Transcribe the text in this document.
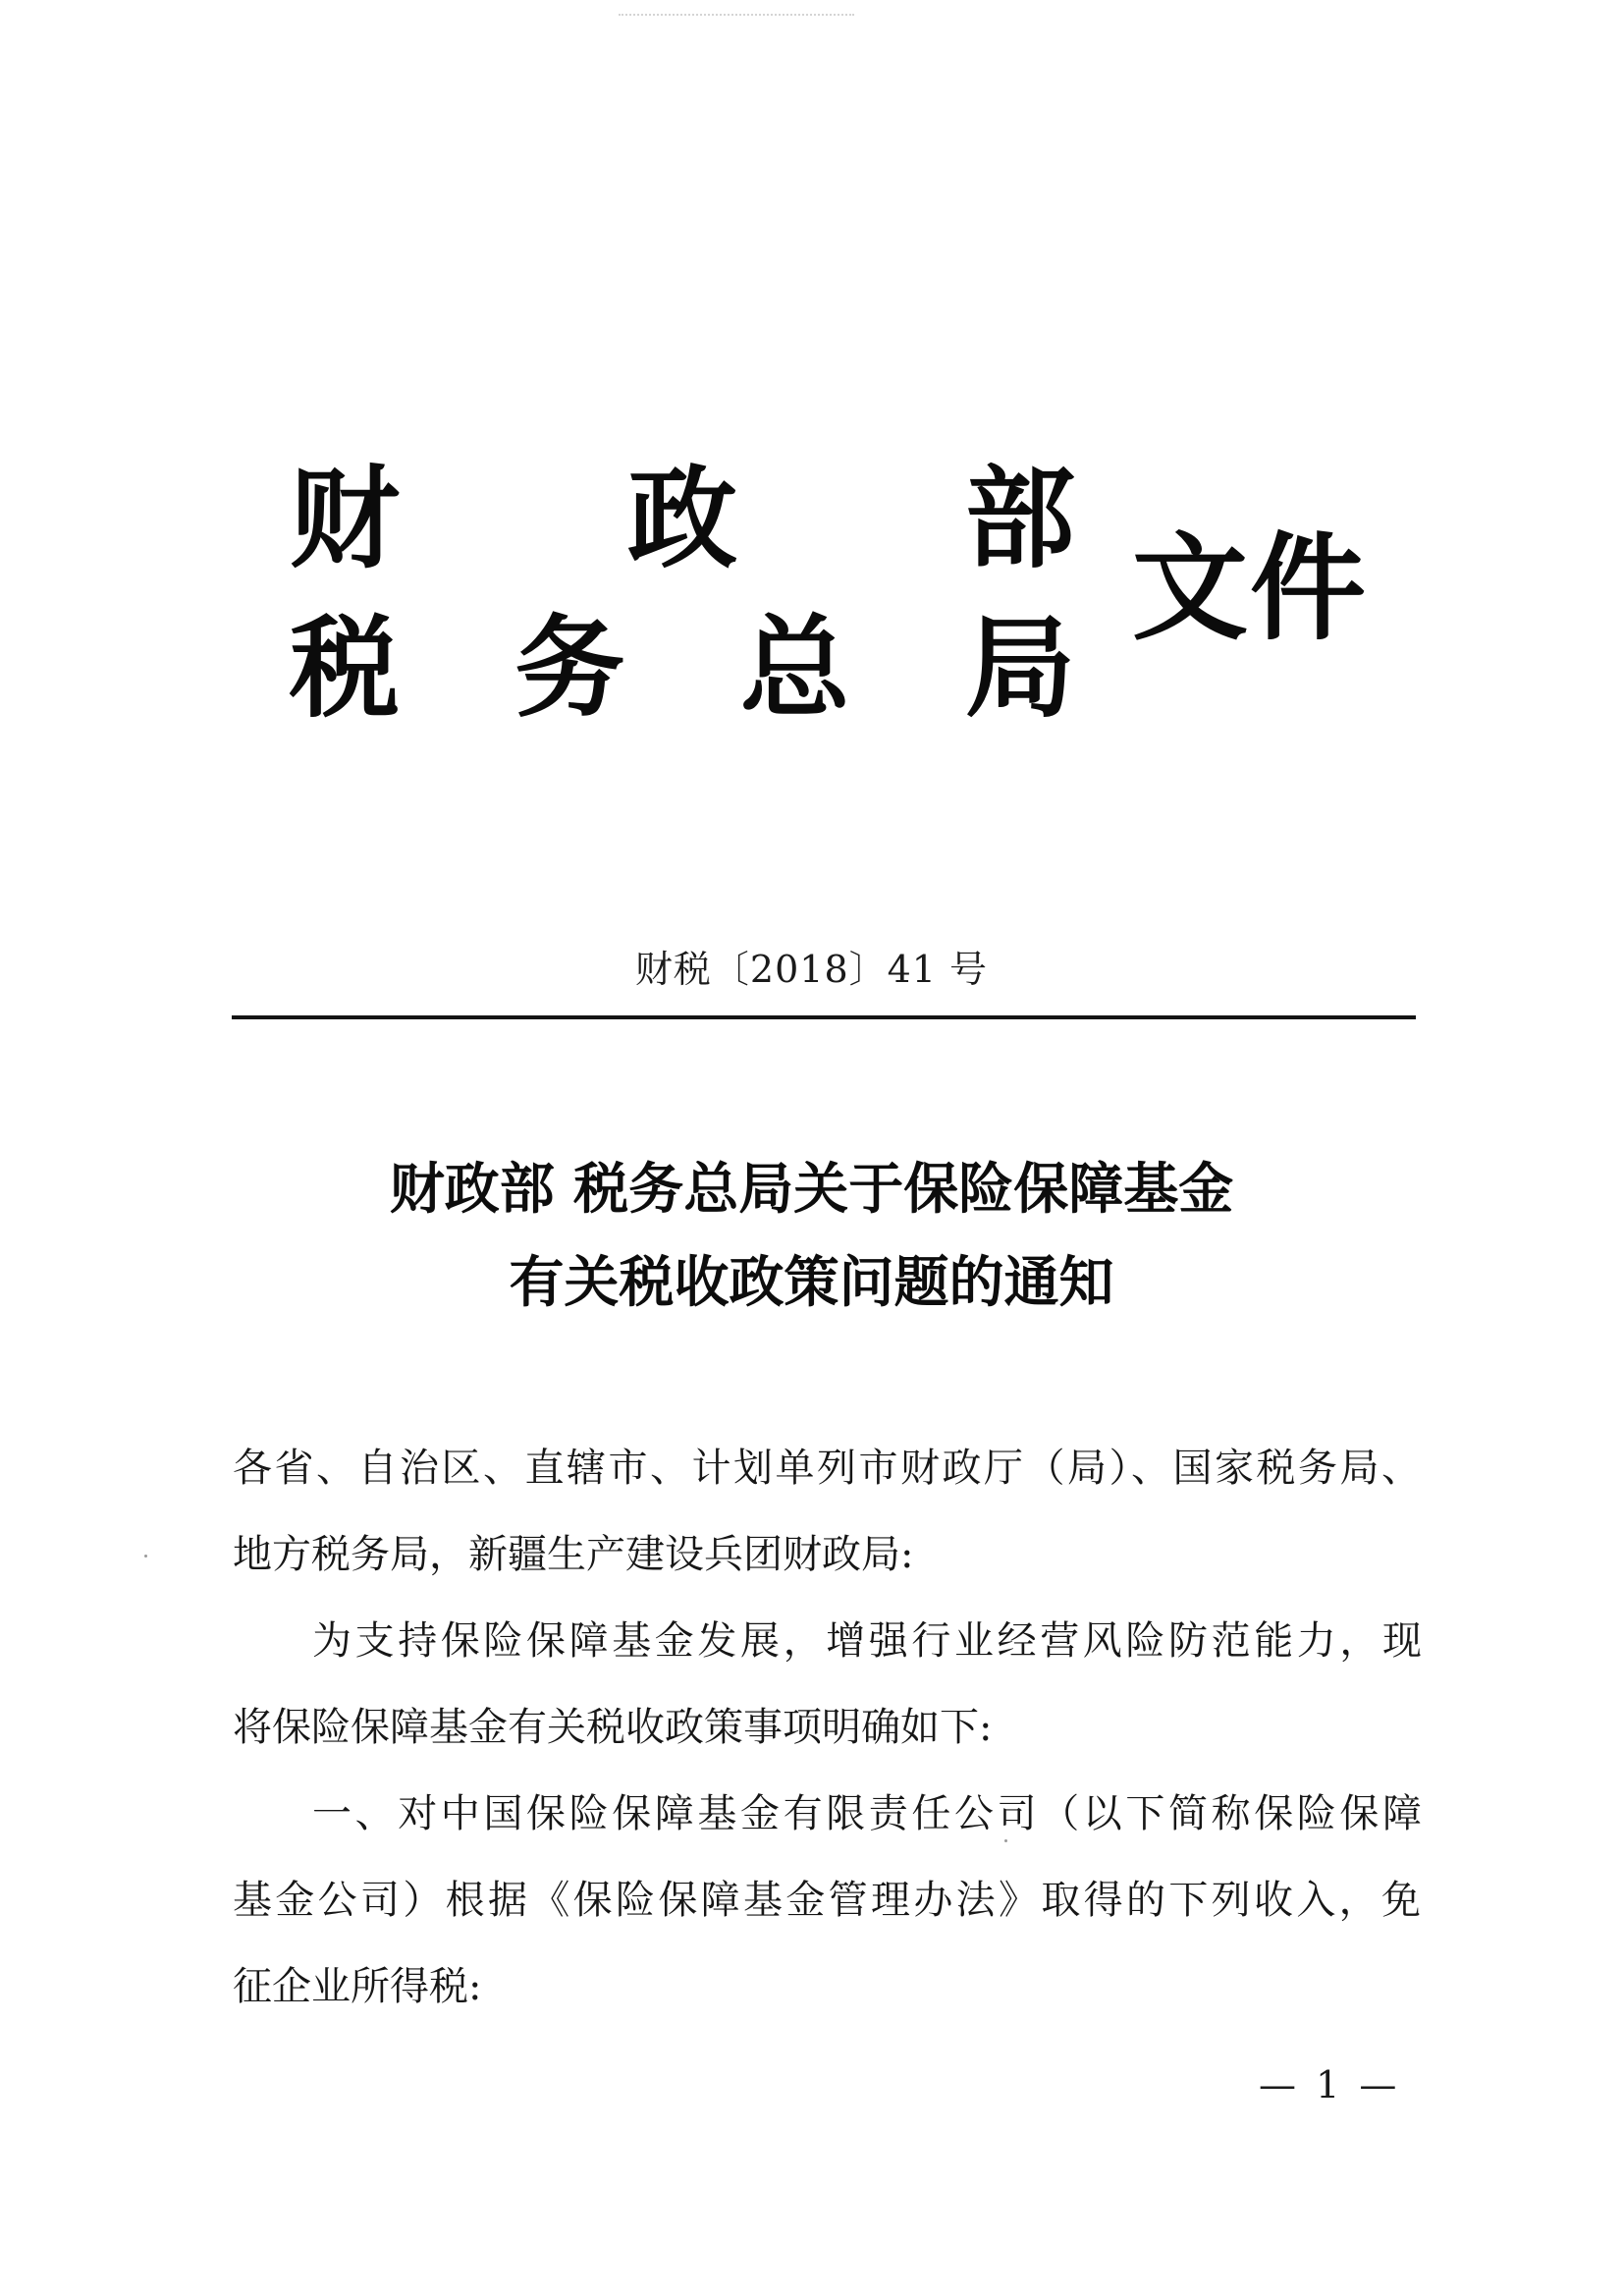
财 政 部
税 务 总 局
文件
财税〔2018〕41 号
财政部 税务总局关于保险保障基金
有关税收政策问题的通知
各省、自治区、直辖市、计划单列市财政厅（局）、国家税务局、
地方税务局，新疆生产建设兵团财政局:
为支持保险保障基金发展，增强行业经营风险防范能力，现
将保险保障基金有关税收政策事项明确如下:
一、对中国保险保障基金有限责任公司（以下简称保险保障
基金公司）根据《保险保障基金管理办法》取得的下列收入，免
征企业所得税:
— 1 —
